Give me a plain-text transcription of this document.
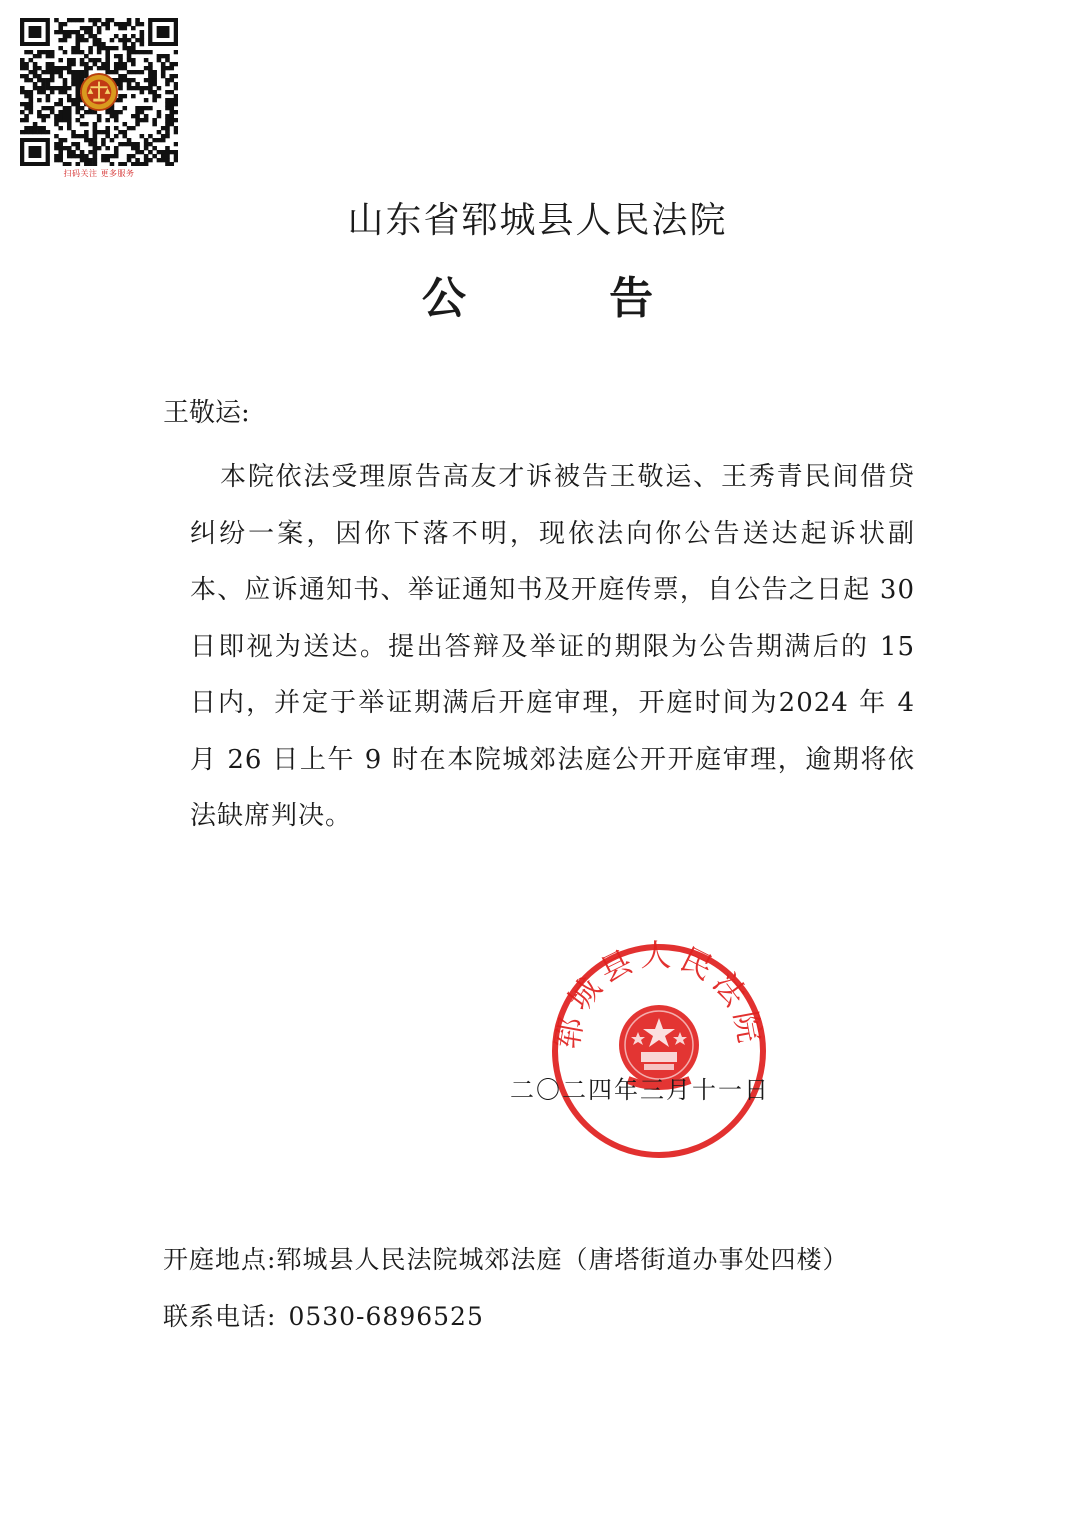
扫码关注 更多服务
山东省郓城县人民法院
公 告
王敬运:

本院依法受理原告高友才诉被告王敬运、王秀青民间借贷纠纷一案，因你下落不明，现依法向你公告送达起诉状副本、应诉通知书、举证通知书及开庭传票，自公告之日起 30 日即视为送达。提出答辩及举证的期限为公告期满后的 15 日内，并定于举证期满后开庭审理，开庭时间为2024 年 4 月 26 日上午 9 时在本院城郊法庭公开开庭审理，逾期将依法缺席判决。

二〇二四年三月十一日
郓城县人民法院
开庭地点:郓城县人民法院城郊法庭（唐塔街道办事处四楼）
联系电话: 0530-6896525
